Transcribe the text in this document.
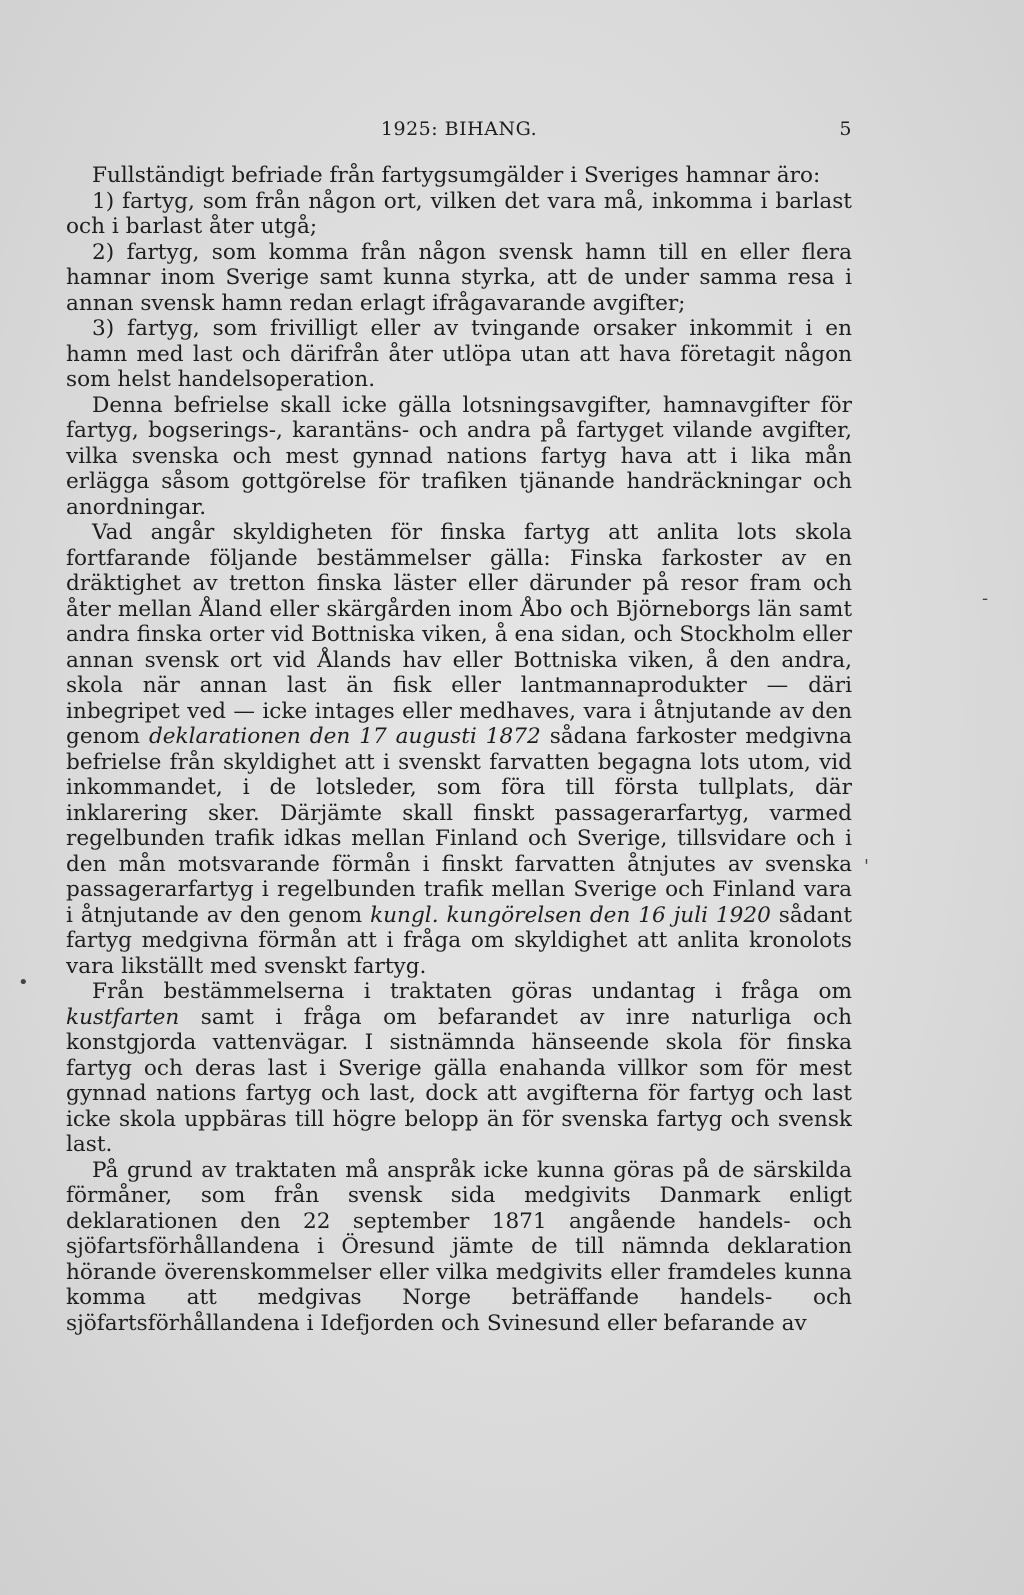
1925: BIHANG.	5

Fullständigt befriade från fartygsumgälder i Sveriges hamnar äro:

1) fartyg, som från någon ort, vilken det vara må, inkomma i barlast och i barlast åter utgå;

2) fartyg, som komma från någon svensk hamn till en eller flera hamnar inom Sverige samt kunna styrka, att de under samma resa i annan svensk hamn redan erlagt ifrågavarande avgifter;

3) fartyg, som frivilligt eller av tvingande orsaker inkommit i en hamn med last och därifrån åter utlöpa utan att hava företagit någon som helst handelsoperation.

Denna befrielse skall icke gälla lotsningsavgifter, hamnavgifter för fartyg, bogserings-, karantäns- och andra på fartyget vilande avgifter, vilka svenska och mest gynnad nations fartyg hava att i lika mån erlägga såsom gottgörelse för trafiken tjänande handräckningar och anordningar.

Vad angår skyldigheten för finska fartyg att anlita lots skola fortfarande följande bestämmelser gälla: Finska farkoster av en dräktighet av tretton finska läster eller därunder på resor fram och åter mellan Åland eller skärgården inom Åbo och Björneborgs län samt andra finska orter vid Bottniska viken, å ena sidan, och Stockholm eller annan svensk ort vid Ålands hav eller Bottniska viken, å den andra, skola när annan last än fisk eller lantmannaprodukter — däri inbegripet ved — icke intages eller medhaves, vara i åtnjutande av den genom deklarationen den 17 augusti 1872 sådana farkoster medgivna befrielse från skyldighet att i svenskt farvatten begagna lots utom, vid inkommandet, i de lotsleder, som föra till första tullplats, där inklarering sker. Därjämte skall finskt passagerarfartyg, varmed regelbunden trafik idkas mellan Finland och Sverige, tillsvidare och i den mån motsvarande förmån i finskt farvatten åtnjutes av svenska passagerarfartyg i regelbunden trafik mellan Sverige och Finland vara i åtnjutande av den genom kungl. kungörelsen den 16 juli 1920 sådant fartyg medgivna förmån att i fråga om skyldighet att anlita kronolots vara likställt med svenskt fartyg.

Från bestämmelserna i traktaten göras undantag i fråga om kustfarten samt i fråga om befarandet av inre naturliga och konstgjorda vattenvägar. I sistnämnda hänseende skola för finska fartyg och deras last i Sverige gälla enahanda villkor som för mest gynnad nations fartyg och last, dock att avgifterna för fartyg och last icke skola uppbäras till högre belopp än för svenska fartyg och svensk last.

På grund av traktaten må anspråk icke kunna göras på de särskilda förmåner, som från svensk sida medgivits Danmark enligt deklarationen den 22 september 1871 angående handels- och sjöfartsförhållandena i Öresund jämte de till nämnda deklaration hörande överenskommelser eller vilka medgivits eller framdeles kunna komma att medgivas Norge beträffande handels- och sjöfartsförhållandena i Idefjorden och Svinesund eller befarande av

-
'
•
